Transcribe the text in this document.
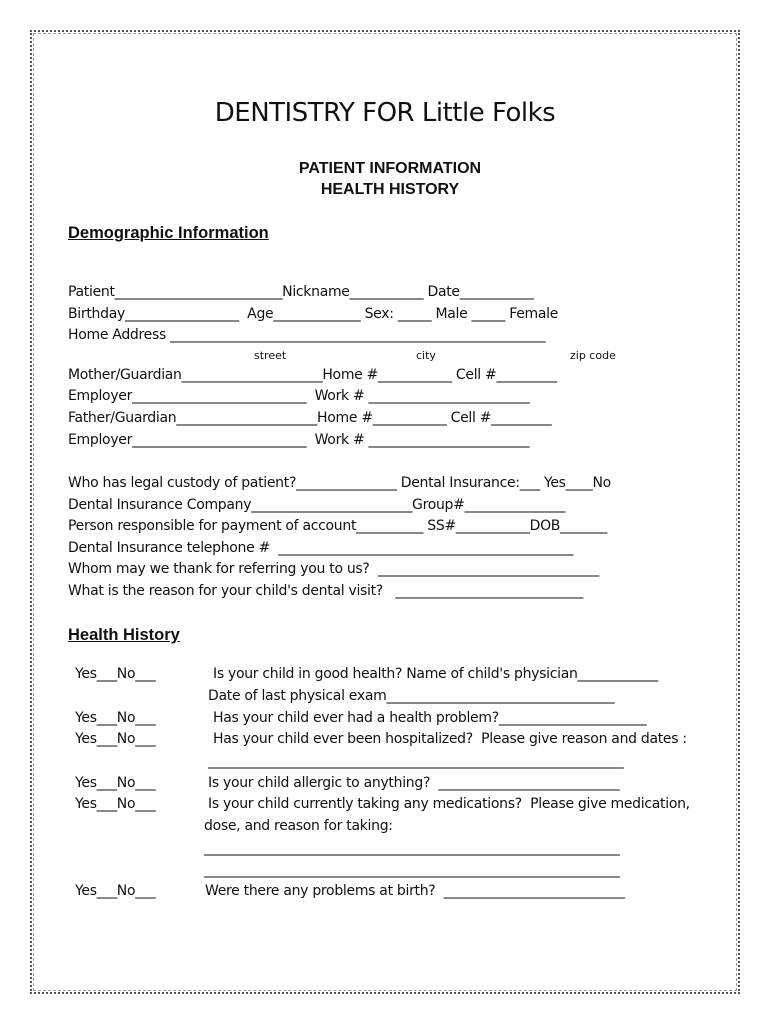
DENTISTRY FOR Little Folks
PATIENT INFORMATION
HEALTH HISTORY
Demographic Information
Patient_________________________Nickname___________ Date___________
Birthday_________________  Age_____________ Sex: _____ Male _____ Female
Home Address ________________________________________________________
street	city	zip code
Mother/Guardian_____________________Home #___________ Cell #_________
Employer__________________________  Work # ________________________
Father/Guardian_____________________Home #___________ Cell #_________
Employer__________________________  Work # ________________________
Who has legal custody of patient?_______________ Dental Insurance:___ Yes____No
Dental Insurance Company________________________Group#_______________
Person responsible for payment of account__________ SS#___________DOB_______
Dental Insurance telephone #  ____________________________________________
Whom may we thank for referring you to us?  _________________________________
What is the reason for your child's dental visit?   ____________________________
Health History
Yes___No___	Is your child in good health? Name of child's physician____________
Date of last physical exam__________________________________
Yes___No___	Has your child ever had a health problem?______________________
Yes___No___	Has your child ever been hospitalized?  Please give reason and dates :
______________________________________________________________
Yes___No___	Is your child allergic to anything?  ___________________________
Yes___No___	Is your child currently taking any medications?  Please give medication,
dose, and reason for taking:
______________________________________________________________
______________________________________________________________
Yes___No___	Were there any problems at birth?  ___________________________
